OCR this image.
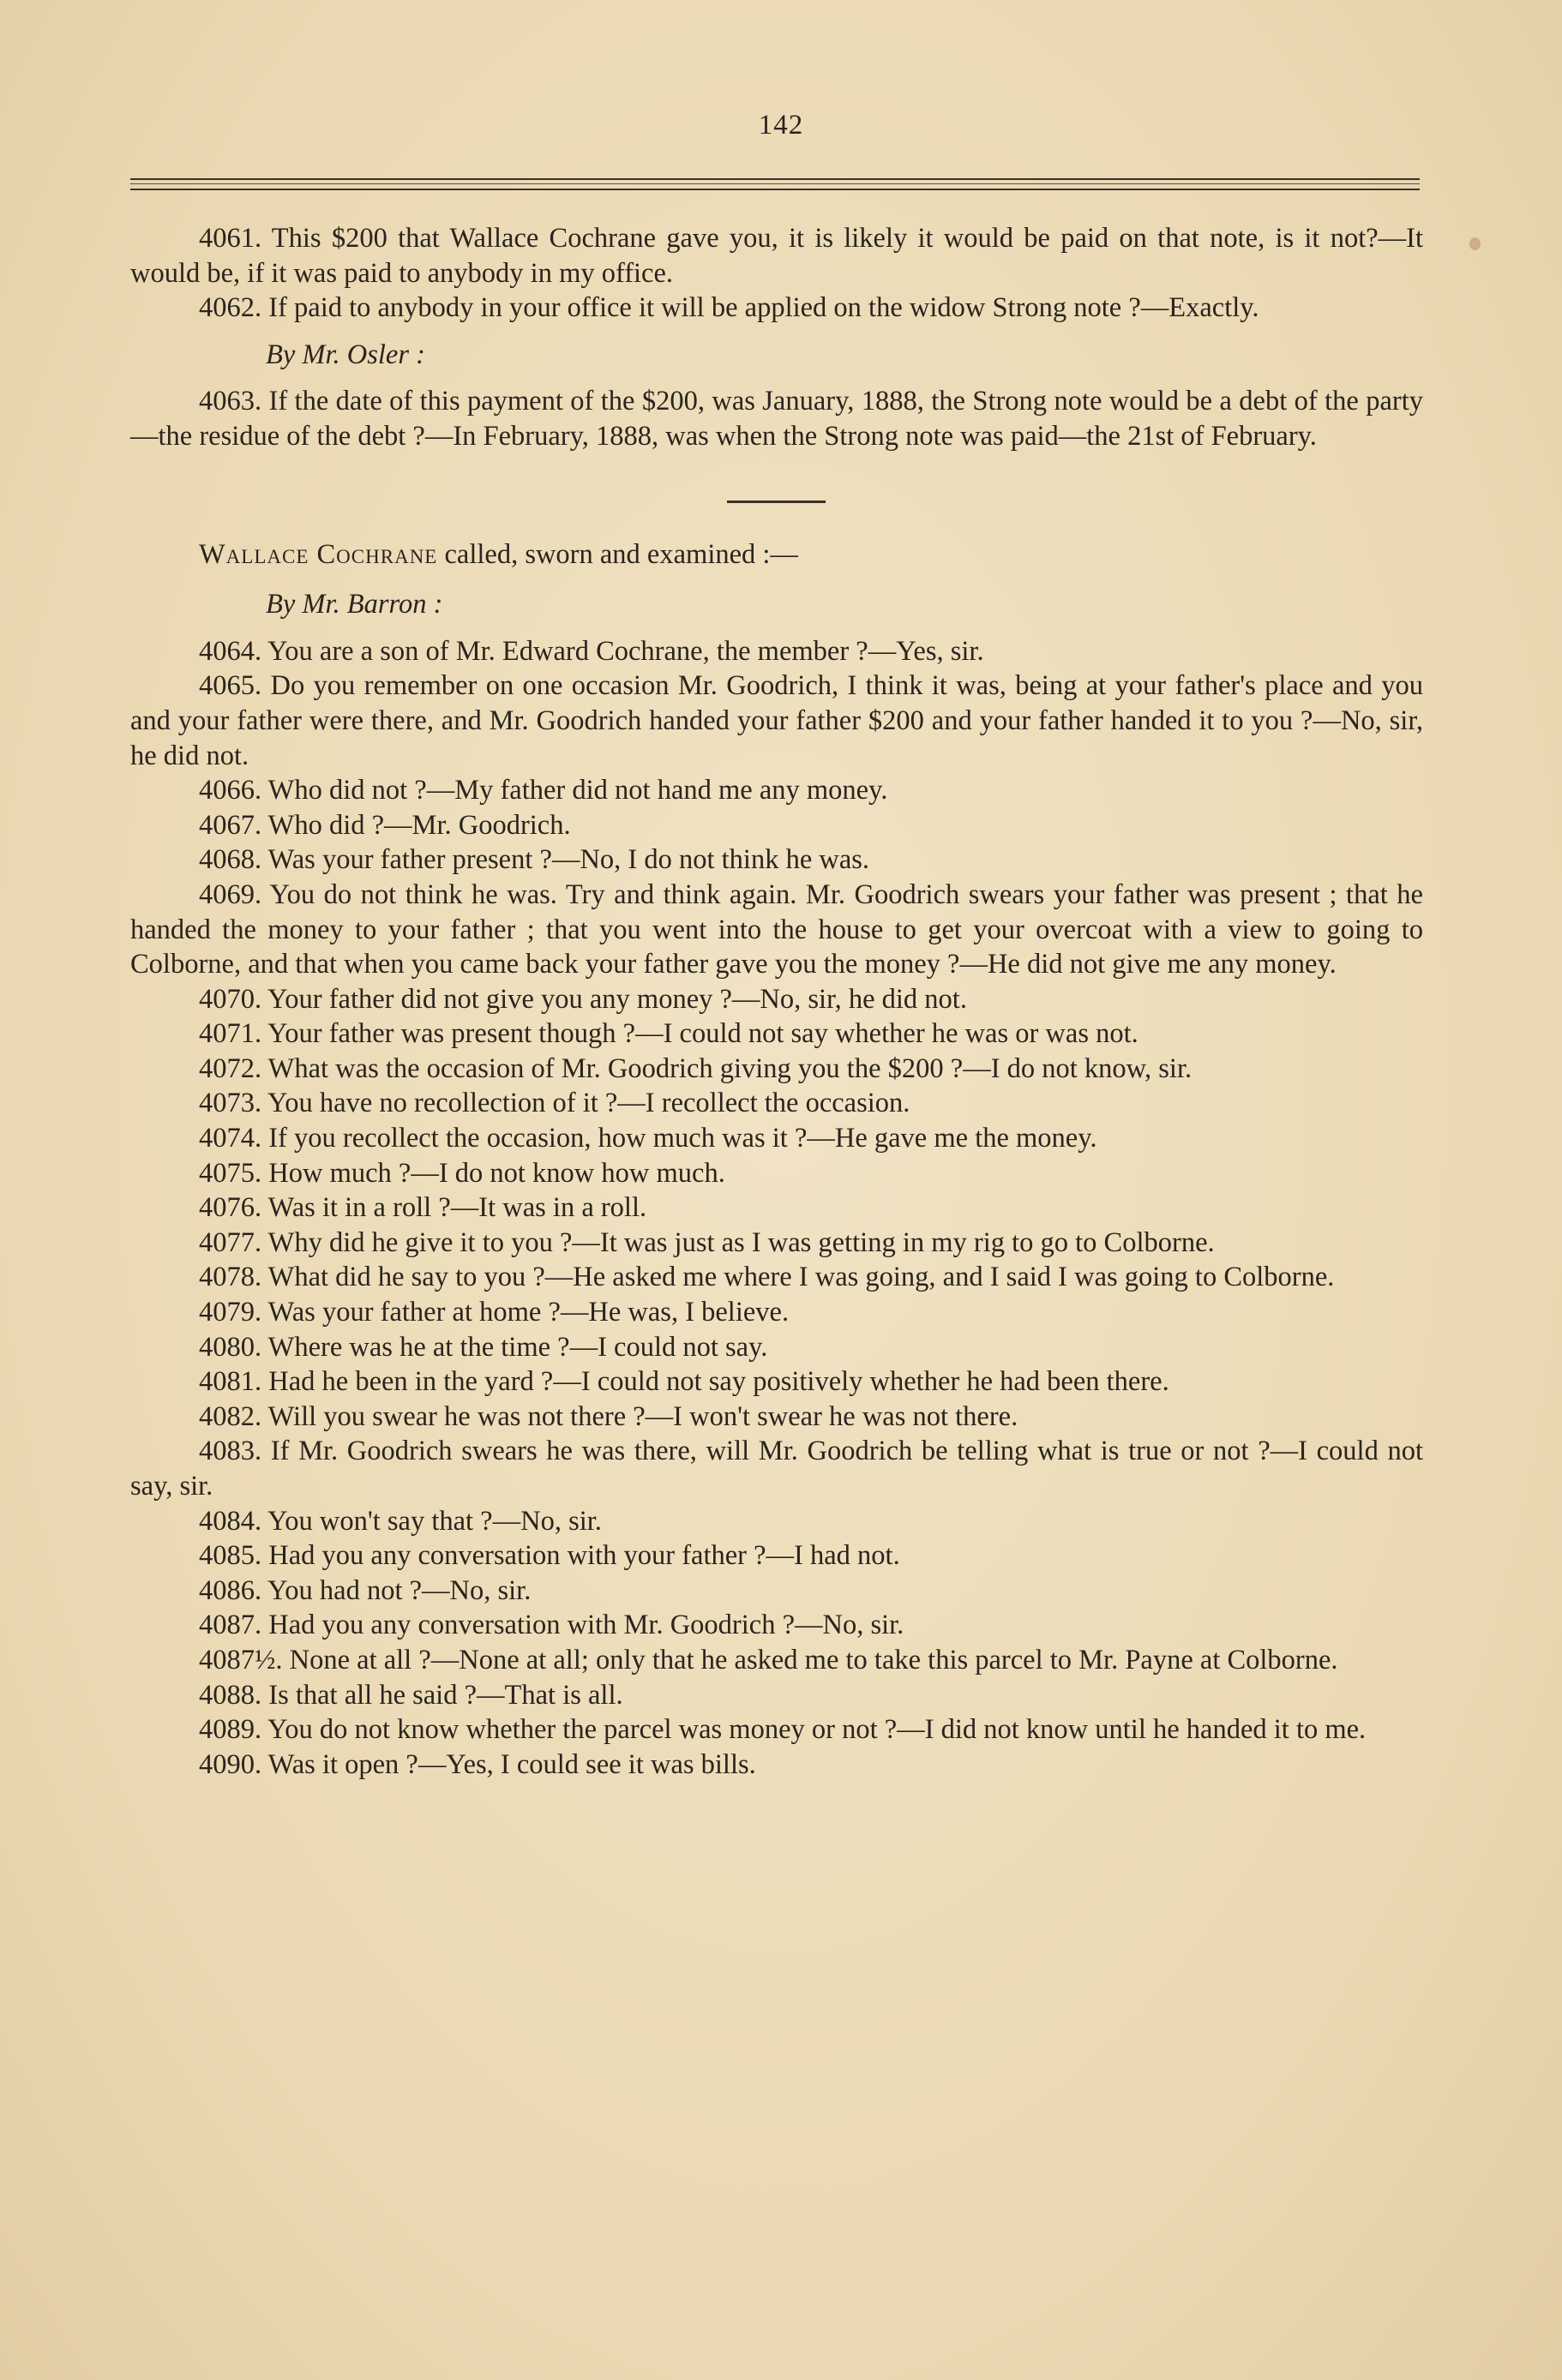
142

4061. This $200 that Wallace Cochrane gave you, it is likely it would be paid on that note, is it not?—It would be, if it was paid to anybody in my office.

4062. If paid to anybody in your office it will be applied on the widow Strong note ?—Exactly.

By Mr. Osler :

4063. If the date of this payment of the $200, was January, 1888, the Strong note would be a debt of the party—the residue of the debt ?—In February, 1888, was when the Strong note was paid—the 21st of February.

Wallace Cochrane called, sworn and examined :—

By Mr. Barron :

4064. You are a son of Mr. Edward Cochrane, the member ?—Yes, sir.

4065. Do you remember on one occasion Mr. Goodrich, I think it was, being at your father's place and you and your father were there, and Mr. Goodrich handed your father $200 and your father handed it to you ?—No, sir, he did not.

4066. Who did not ?—My father did not hand me any money.

4067. Who did ?—Mr. Goodrich.

4068. Was your father present ?—No, I do not think he was.

4069. You do not think he was. Try and think again. Mr. Goodrich swears your father was present ; that he handed the money to your father ; that you went into the house to get your overcoat with a view to going to Colborne, and that when you came back your father gave you the money ?—He did not give me any money.

4070. Your father did not give you any money ?—No, sir, he did not.

4071. Your father was present though ?—I could not say whether he was or was not.

4072. What was the occasion of Mr. Goodrich giving you the $200 ?—I do not know, sir.

4073. You have no recollection of it ?—I recollect the occasion.

4074. If you recollect the occasion, how much was it ?—He gave me the money.

4075. How much ?—I do not know how much.

4076. Was it in a roll ?—It was in a roll.

4077. Why did he give it to you ?—It was just as I was getting in my rig to go to Colborne.

4078. What did he say to you ?—He asked me where I was going, and I said I was going to Colborne.

4079. Was your father at home ?—He was, I believe.

4080. Where was he at the time ?—I could not say.

4081. Had he been in the yard ?—I could not say positively whether he had been there.

4082. Will you swear he was not there ?—I won't swear he was not there.

4083. If Mr. Goodrich swears he was there, will Mr. Goodrich be telling what is true or not ?—I could not say, sir.

4084. You won't say that ?—No, sir.

4085. Had you any conversation with your father ?—I had not.

4086. You had not ?—No, sir.

4087. Had you any conversation with Mr. Goodrich ?—No, sir.

4087½. None at all ?—None at all; only that he asked me to take this parcel to Mr. Payne at Colborne.

4088. Is that all he said ?—That is all.

4089. You do not know whether the parcel was money or not ?—I did not know until he handed it to me.

4090. Was it open ?—Yes, I could see it was bills.
